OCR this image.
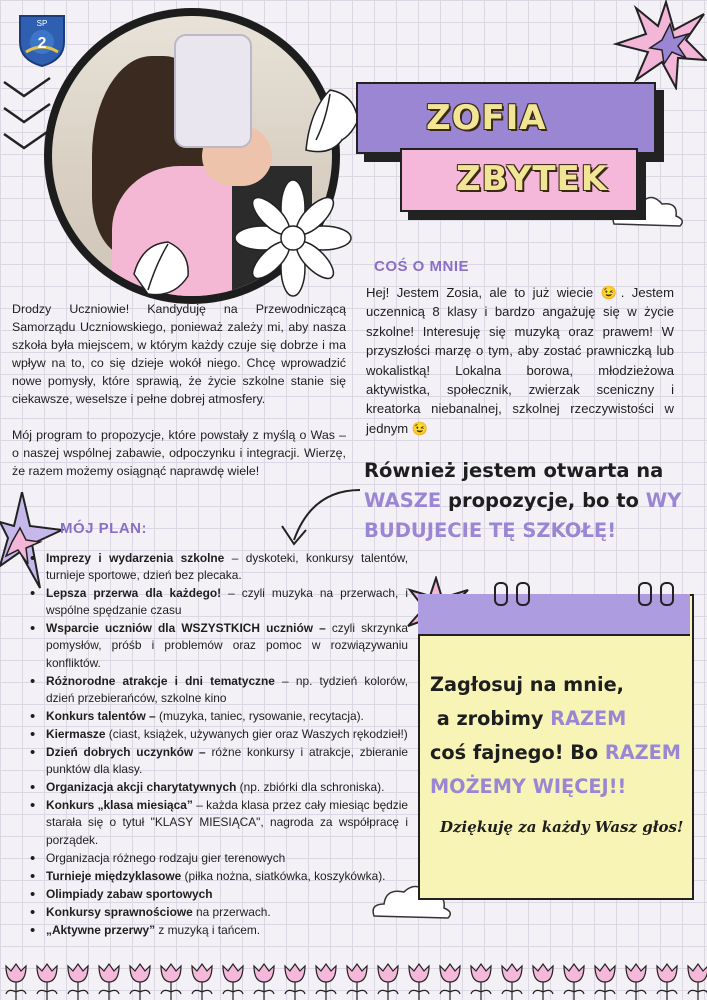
SP
2
ZOFIA
ZBYTEK
COŚ O MNIE
Hej! Jestem Zosia, ale to już wiecie 😉. Jestem uczennicą 8 klasy i bardzo angażuję się w życie szkolne! Interesuję się muzyką oraz prawem! W przyszłości marzę o tym, aby zostać prawniczką lub wokalistką! Lokalna borowa, młodzieżowa aktywistka, społecznik, zwierzak sceniczny i kreatorka niebanalnej, szkolnej rzeczywistości w jednym 😉

Drodzy Uczniowie! Kandyduję na Przewodniczącą Samorządu Uczniowskiego, ponieważ zależy mi, aby nasza szkoła była miejscem, w którym każdy czuje się dobrze i ma wpływ na to, co się dzieje wokół niego. Chcę wprowadzić nowe pomysły, które sprawią, że życie szkolne stanie się ciekawsze, weselsze i pełne dobrej atmosfery.

Mój program to propozycje, które powstały z myślą o Was – o naszej wspólnej zabawie, odpoczynku i integracji. Wierzę, że razem możemy osiągnąć naprawdę wiele!	Również jestem otwarta na
WASZE propozycje, bo to WY
BUDUJECIE TĘ SZKOŁĘ!
MÓJ PLAN:
• Imprezy i wydarzenia szkolne – dyskoteki, konkursy talentów, turnieje sportowe, dzień bez plecaka.
• Lepsza przerwa dla każdego! – czyli muzyka na przerwach, i wspólne spędzanie czasu
• Wsparcie uczniów dla WSZYSTKICH uczniów – czyli skrzynka pomysłów, próśb i problemów oraz pomoc w rozwiązywaniu konfliktów.
• Różnorodne atrakcje i dni tematyczne – np. tydzień kolorów, dzień przebierańców, szkolne kino
• Konkurs talentów – (muzyka, taniec, rysowanie, recytacja).
• Kiermasze (ciast, książek, używanych gier oraz Waszych rękodzieł!)
• Dzień dobrych uczynków – różne konkursy i atrakcje, zbieranie punktów dla klasy.
• Organizacja akcji charytatywnych (np. zbiórki dla schroniska).
• Konkurs „klasa miesiąca” – każda klasa przez cały miesiąc będzie starała się o tytuł "KLASY MIESIĄCA", nagroda za współpracę i porządek.
• Organizacja różnego rodzaju gier terenowych
• Turnieje międzyklasowe (piłka nożna, siatkówka, koszykówka).
• Olimpiady zabaw sportowych
• Konkursy sprawnościowe na przerwach.
• „Aktywne przerwy” z muzyką i tańcem.
Zagłosuj na mnie,
a zrobimy RAZEM
coś fajnego! Bo RAZEM
MOŻEMY WIĘCEJ!!
Dziękuję za każdy Wasz głos!
